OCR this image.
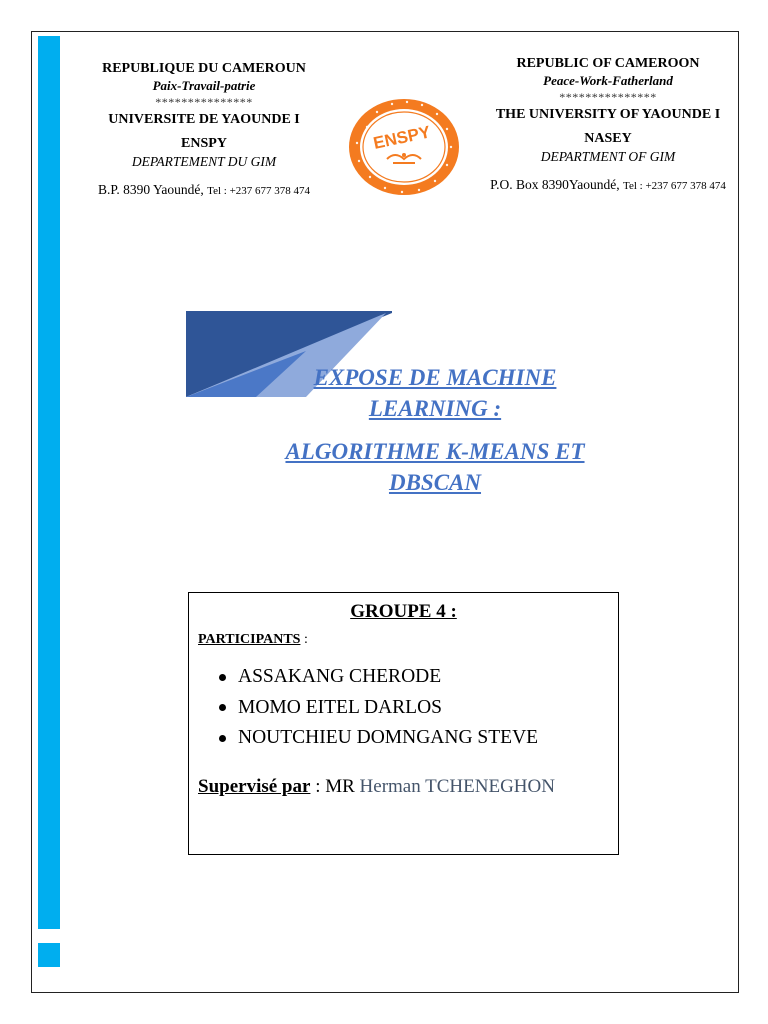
REPUBLIQUE DU CAMEROUN

Paix-Travail-patrie

***************

UNIVERSITE DE YAOUNDE I

ENSPY

DEPARTEMENT DU GIM

B.P. 8390 Yaoundé, Tel : +237 677 378 474

REPUBLIC OF CAMEROON

Peace-Work-Fatherland

***************

THE UNIVERSITY OF YAOUNDE I

NASEY

DEPARTMENT OF GIM

P.O. Box 8390Yaoundé, Tel : +237 677 378 474

ENSPY

EXPOSE DE MACHINE

LEARNING :

ALGORITHME K-MEANS ET

DBSCAN

GROUPE 4 :

PARTICIPANTS :

ASSAKANG CHERODE
MOMO EITEL DARLOS
NOUTCHIEU DOMNGANG STEVE

Supervisé par : MR Herman TCHENEGHON
